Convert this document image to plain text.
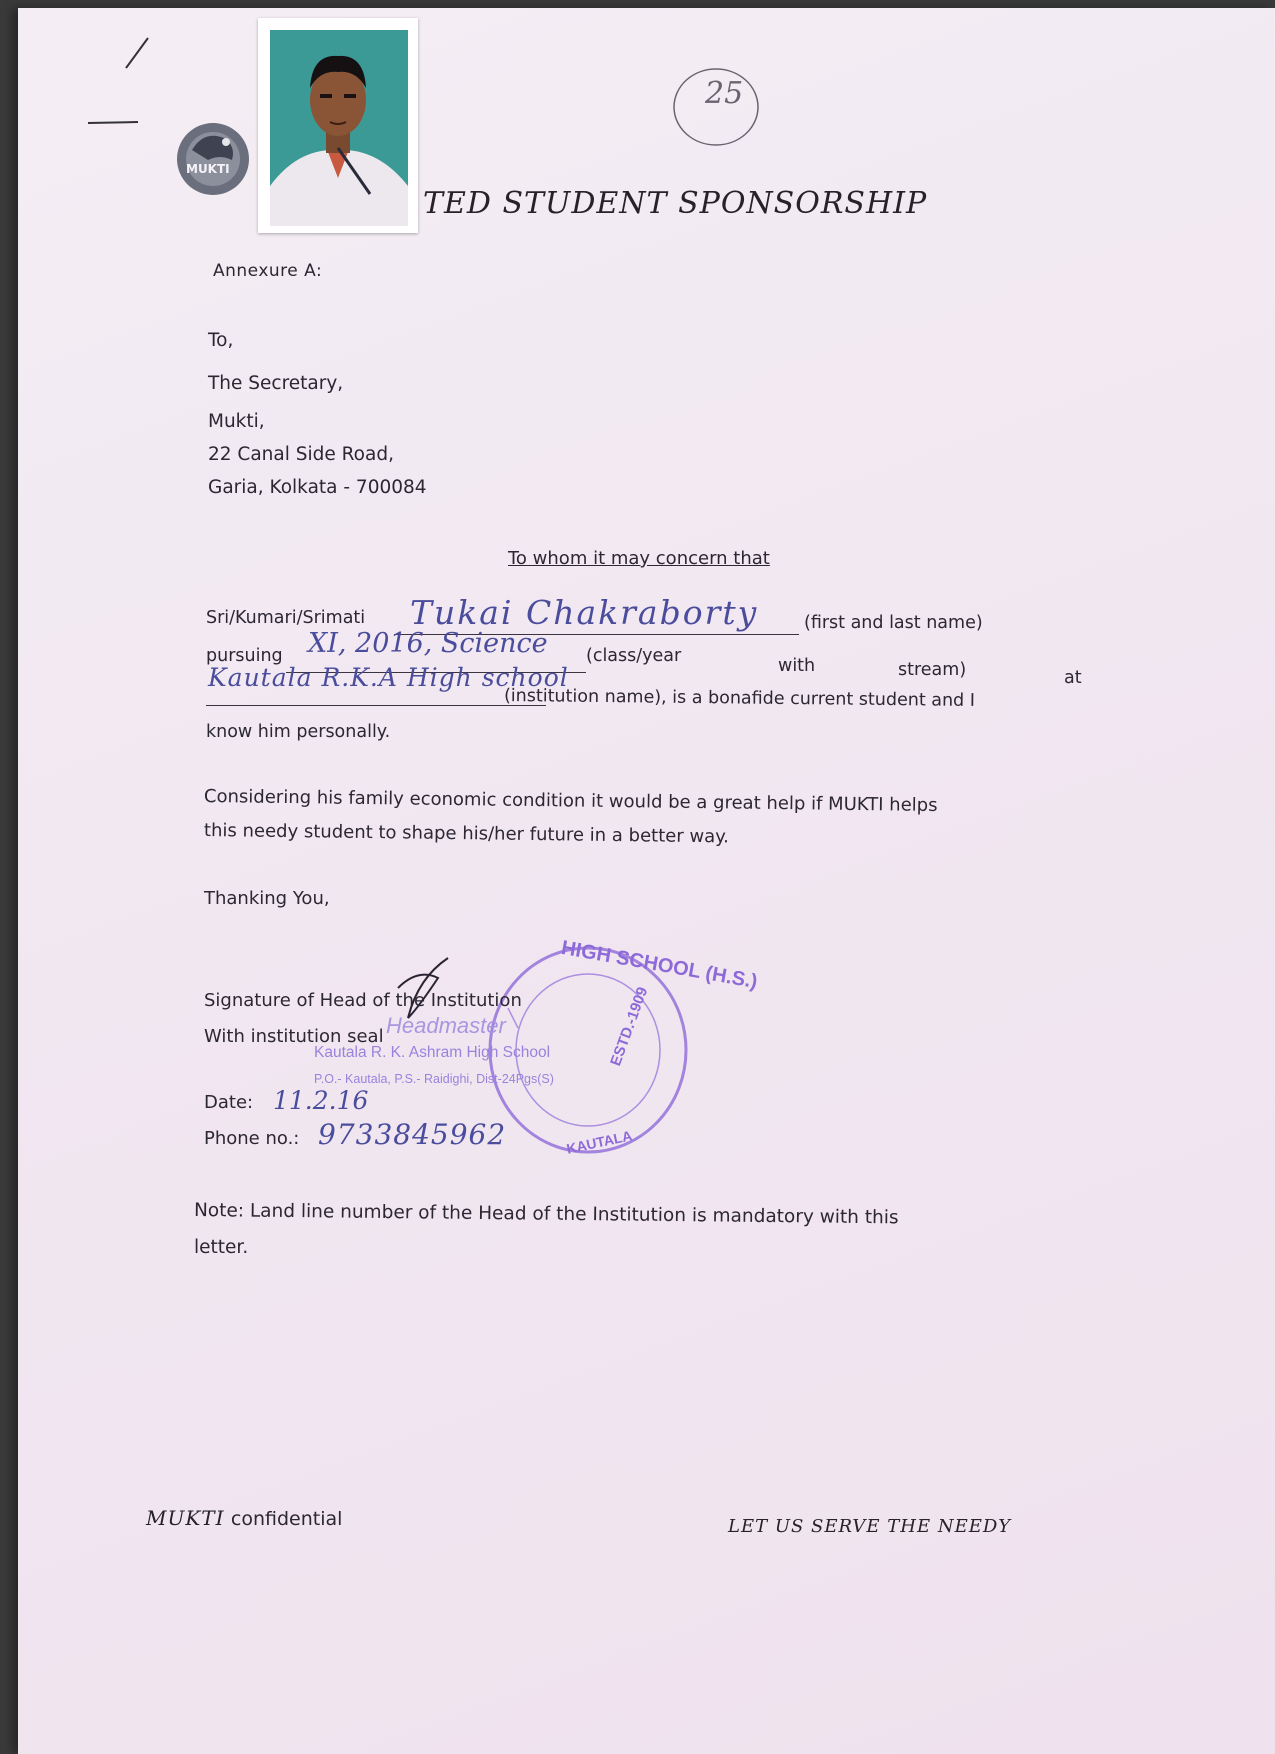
MUKTI
25
TED STUDENT SPONSORSHIP
Annexure A:
To,
The Secretary,
Mukti,
22 Canal Side Road,
Garia, Kolkata - 700084
To whom it may concern that
Sri/Kumari/Srimati Tukai Chakraborty	(first and last name)
pursuing XI, 2016, Science (class/year	with	stream)	at
Kautala R.K.A High school
(institution name), is a bonafide current student and I
know him personally.
Considering his family economic condition it would be a great help if MUKTI helps
this needy student to shape his/her future in a better way.
Thanking You,
HIGH SCHOOL (H.S.)
ESTD.-1909
KAUTALA
Signature of Head of the Institution
With institution seal Headmaster
Kautala R. K. Ashram High School
P.O.- Kautala, P.S.- Raidighi, Dist-24Pgs(S)
Date: 11.2.16
Phone no.: 9733845962
Note: Land line number of the Head of the Institution is mandatory with this
letter.
MUKTI confidential	LET US SERVE THE NEEDY
